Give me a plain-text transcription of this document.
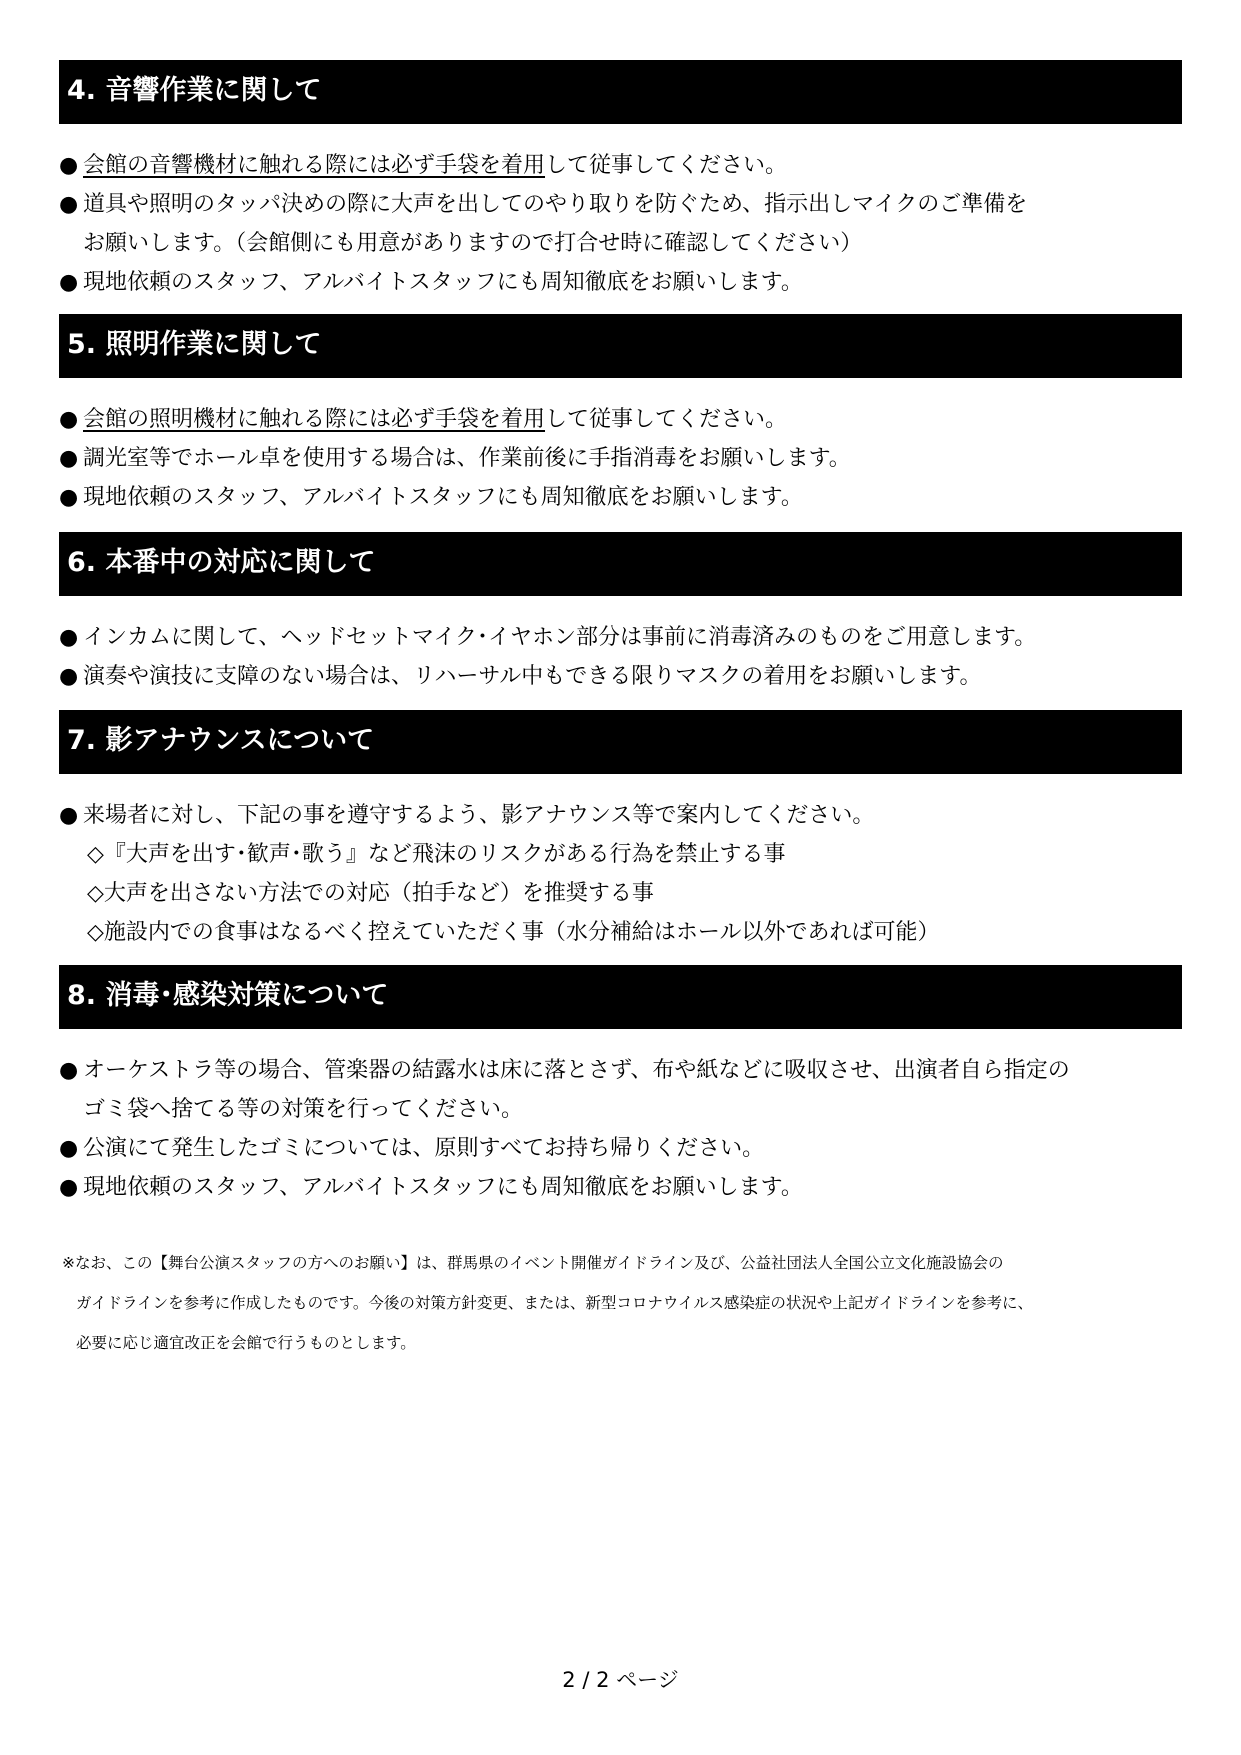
4. 音響作業に関して
● 会館の音響機材に触れる際には必ず手袋を着用して従事してください。
● 道具や照明のタッパ決めの際に大声を出してのやり取りを防ぐため、指示出しマイクのご準備を
お願いします。（会館側にも用意がありますので打合せ時に確認してください）
● 現地依頼のスタッフ、アルバイトスタッフにも周知徹底をお願いします。
5. 照明作業に関して
● 会館の照明機材に触れる際には必ず手袋を着用して従事してください。
● 調光室等でホール卓を使用する場合は、作業前後に手指消毒をお願いします。
● 現地依頼のスタッフ、アルバイトスタッフにも周知徹底をお願いします。
6. 本番中の対応に関して
● インカムに関して、ヘッドセットマイク･イヤホン部分は事前に消毒済みのものをご用意します。
● 演奏や演技に支障のない場合は、リハーサル中もできる限りマスクの着用をお願いします。
7. 影アナウンスについて
● 来場者に対し、下記の事を遵守するよう、影アナウンス等で案内してください。
◇『大声を出す･歓声･歌う』など飛沫のリスクがある行為を禁止する事
◇大声を出さない方法での対応（拍手など）を推奨する事
◇施設内での食事はなるべく控えていただく事（水分補給はホール以外であれば可能）
8. 消毒･感染対策について
● オーケストラ等の場合、管楽器の結露水は床に落とさず、布や紙などに吸収させ、出演者自ら指定の
ゴミ袋へ捨てる等の対策を行ってください。
● 公演にて発生したゴミについては、原則すべてお持ち帰りください。
● 現地依頼のスタッフ、アルバイトスタッフにも周知徹底をお願いします。
※なお、この【舞台公演スタッフの方へのお願い】は、群馬県のイベント開催ガイドライン及び、公益社団法人全国公立文化施設協会の
ガイドラインを参考に作成したものです。今後の対策方針変更、または、新型コロナウイルス感染症の状況や上記ガイドラインを参考に、
必要に応じ適宜改正を会館で行うものとします。
2 / 2 ページ
